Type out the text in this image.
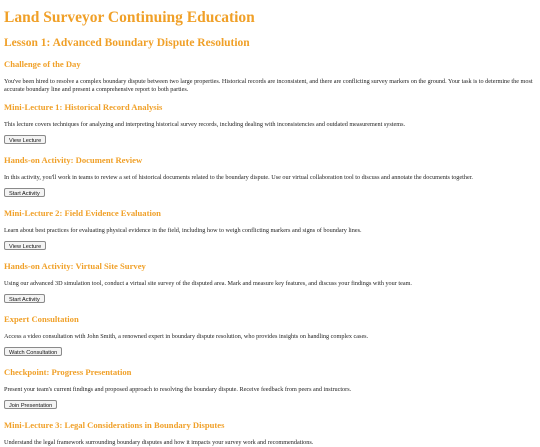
Land Surveyor Continuing Education
Lesson 1: Advanced Boundary Dispute Resolution
Challenge of the Day

You've been hired to resolve a complex boundary dispute between two large properties. Historical records are inconsistent, and there are conflicting survey markers on the ground. Your task is to determine the most accurate boundary line and present a comprehensive report to both parties.

Mini-Lecture 1: Historical Record Analysis

This lecture covers techniques for analyzing and interpreting historical survey records, including dealing with inconsistencies and outdated measurement systems.

View Lecture
Hands-on Activity: Document Review

In this activity, you'll work in teams to review a set of historical documents related to the boundary dispute. Use our virtual collaboration tool to discuss and annotate the documents together.

Start Activity
Mini-Lecture 2: Field Evidence Evaluation

Learn about best practices for evaluating physical evidence in the field, including how to weigh conflicting markers and signs of boundary lines.

View Lecture
Hands-on Activity: Virtual Site Survey

Using our advanced 3D simulation tool, conduct a virtual site survey of the disputed area. Mark and measure key features, and discuss your findings with your team.

Start Activity
Expert Consultation

Access a video consultation with John Smith, a renowned expert in boundary dispute resolution, who provides insights on handling complex cases.

Watch Consultation
Checkpoint: Progress Presentation

Present your team's current findings and proposed approach to resolving the boundary dispute. Receive feedback from peers and instructors.

Join Presentation
Mini-Lecture 3: Legal Considerations in Boundary Disputes

Understand the legal framework surrounding boundary disputes and how it impacts your survey work and recommendations.
